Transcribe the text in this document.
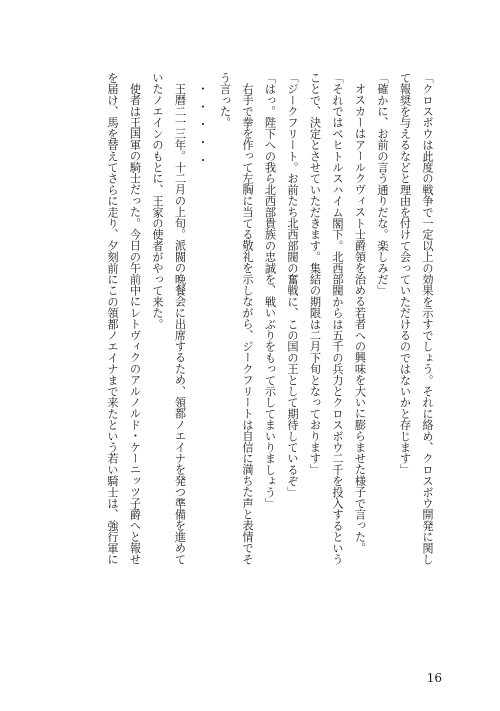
「クロスボウは此度の戦争で一定以上の効果を示すでしょう。それに絡め、クロスボウ開発に関し

て報奨を与えるなどと理由を付けて会っていただけるのではないかと存じます」

「確かに、お前の言う通りだな。楽しみだ」

オスカーはアールクヴィスト士爵領を治める若者への興味を大いに膨らませた様子で言った。

「それではベヒトルスハイム閣下。北西部閥からは五千の兵力とクロスボウ二千を投入するという

ことで、決定とさせていただきます。集結の期限は二月下旬となっております」

「ジークフリート。お前たち北西部閥の奮戦に、この国の王として期待しているぞ」

「はっ。陛下への我ら北西部貴族の忠誠を、戦いぶりをもって示してまいりましょう」

右手で拳を作って左胸に当てる敬礼を示しながら、ジークフリートは自信に満ちた声と表情でそ

う言った。

・・・・・

王暦二一三年。十二月の上旬。派閥の晩餐会に出席するため、領都ノエイナを発つ準備を進めて

いたノエインのもとに、王家の使者がやって来た。

使者は王国軍の騎士だった。今日の午前中にレトヴィクのアルノルド・ケーニッツ子爵へと報せ

を届け、馬を替えてさらに走り、夕刻前にこの領都ノエイナまで来たという若い騎士は、強行軍に

16
